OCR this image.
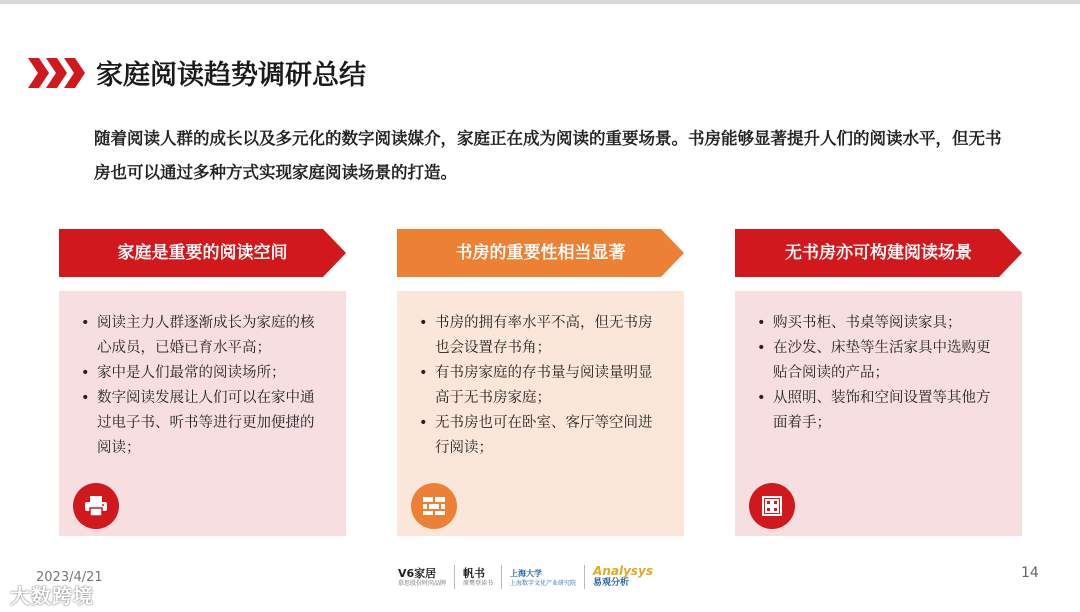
家庭阅读趋势调研总结
随着阅读人群的成长以及多元化的数字阅读媒介，家庭正在成为阅读的重要场景。书房能够显著提升人们的阅读水平，但无书房也可以通过多种方式实现家庭阅读场景的打造。
家庭是重要的阅读空间
• 阅读主力人群逐渐成长为家庭的核心成员，已婚已育水平高；
• 家中是人们最常的阅读场所；
• 数字阅读发展让人们可以在家中通过电子书、听书等进行更加便捷的阅读；
书房的重要性相当显著
• 书房的拥有率水平不高，但无书房也会设置存书角；
• 有书房家庭的存书量与阅读量明显高于无书房家庭；
• 无书房也可在卧室、客厅等空间进行阅读；
无书房亦可构建阅读场景
• 购买书柜、书桌等阅读家具；
• 在沙发、床垫等生活家具中选购更贴合阅读的产品；
• 从照明、装饰和空间设置等其他方面着手；
2023/4/21
大数跨境
14
V6家居
慕思股份时尚品牌
帆书
原樊登读书
上海大学
上海数字文化产业研究院
Analysys
易观分析
